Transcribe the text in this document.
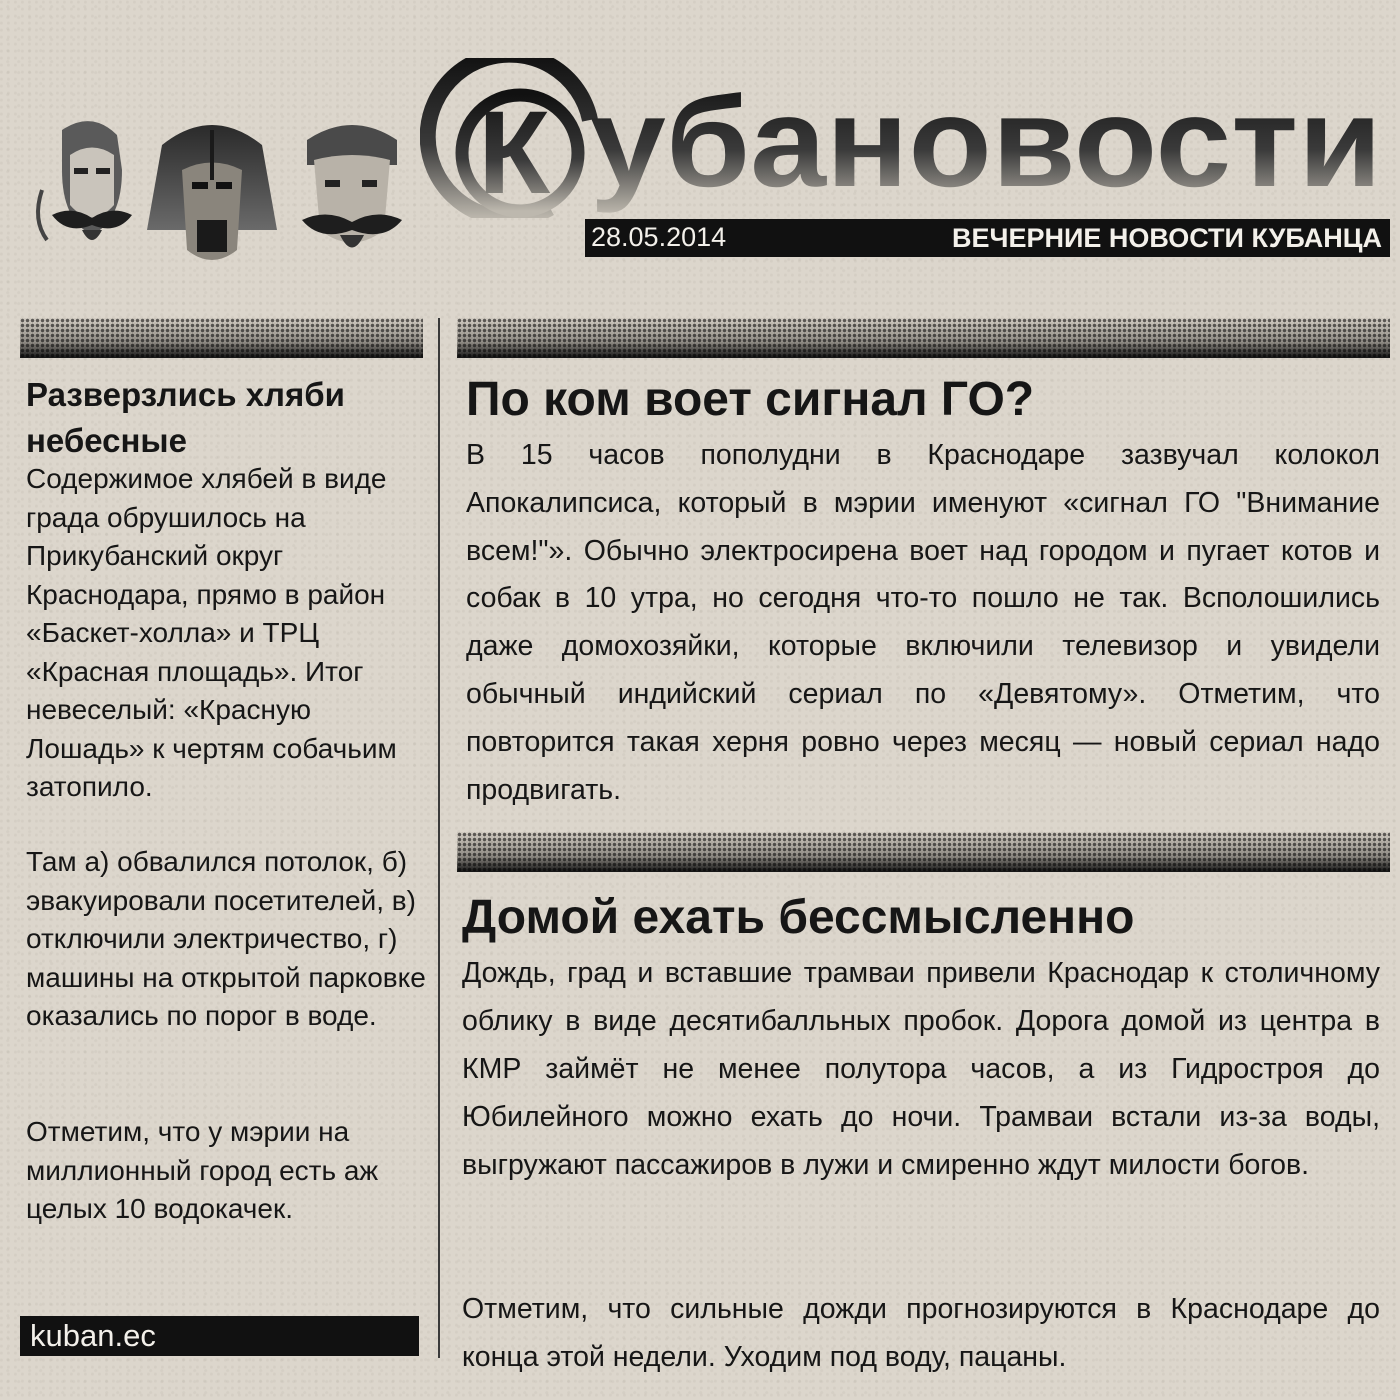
К убановости
28.05.2014	ВЕЧЕРНИЕ НОВОСТИ КУБАНЦА
Разверзлись хляби небесные
Содержимое хлябей в виде града обрушилось на Прикубанский округ Краснодара, прямо в район «Баскет-холла» и ТРЦ «Красная площадь». Итог невеселый: «Красную Лошадь» к чертям собачьим затопило.
Там а) обвалился потолок, б) эвакуировали посетителей, в) отключили электричество, г) машины на открытой парковке оказались по порог в воде.
Отметим, что у мэрии на миллионный город есть аж целых 10 водокачек.
kuban.ec
По ком воет сигнал ГО?
В 15 часов пополудни в Краснодаре зазвучал колокол Апокалипсиса, который в мэрии именуют «сигнал ГО "Внимание всем!"». Обычно электросирена воет над городом и пугает котов и собак в 10 утра, но сегодня что-то пошло не так. Всполошились даже домохозяйки, которые включили телевизор и увидели обычный индийский сериал по «Девятому». Отметим, что повторится такая херня ровно через месяц — новый сериал надо продвигать.
Домой ехать бессмысленно
Дождь, град и вставшие трамваи привели Краснодар к столичному облику в виде десятибалльных пробок. Дорога домой из центра в КМР займёт не менее полутора часов, а из Гидростроя до Юбилейного можно ехать до ночи. Трамваи встали из-за воды, выгружают пассажиров в лужи и смиренно ждут милости богов.
Отметим, что сильные дожди прогнозируются в Краснодаре до конца этой недели. Уходим под воду, пацаны.
